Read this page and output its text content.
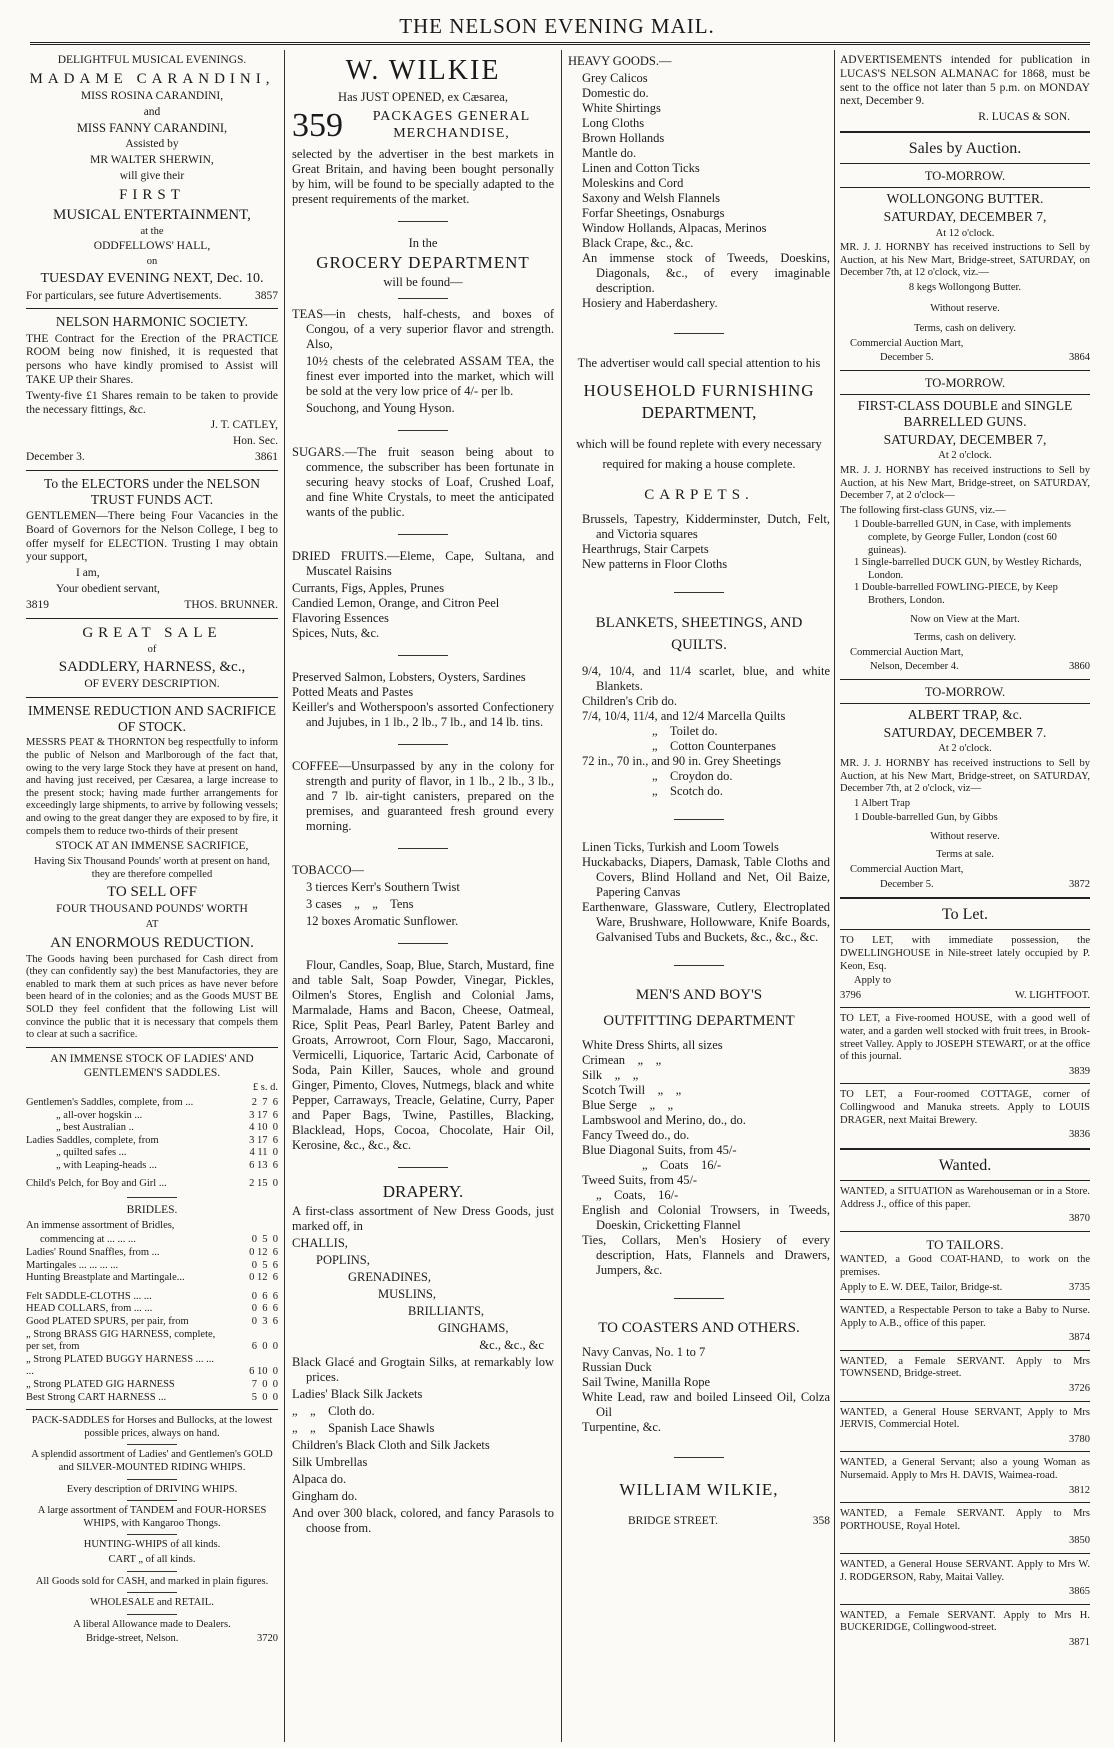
THE NELSON EVENING MAIL.

DELIGHTFUL MUSICAL EVENINGS.

MADAME CARANDINI,

MISS ROSINA CARANDINI,

and

MISS FANNY CARANDINI,

Assisted by

MR WALTER SHERWIN,

will give their

FIRST

MUSICAL ENTERTAINMENT,

at the

ODDFELLOWS' HALL,

on

TUESDAY EVENING NEXT, Dec. 10.

For particulars, see future Advertisements.	3857

NELSON HARMONIC SOCIETY.

THE Contract for the Erection of the PRACTICE ROOM being now finished, it is requested that persons who have kindly promised to Assist will TAKE UP their Shares.

Twenty-five £1 Shares remain to be taken to provide the necessary fittings, &c.

J. T. CATLEY,

Hon. Sec.

December 3.	3861

To the ELECTORS under the NELSON TRUST FUNDS ACT.

GENTLEMEN—There being Four Vacancies in the Board of Governors for the Nelson College, I beg to offer myself for ELECTION. Trusting I may obtain your support,

I am,

Your obedient servant,

3819	THOS. BRUNNER.

GREAT SALE

of

SADDLERY, HARNESS, &c.,

OF EVERY DESCRIPTION.

IMMENSE REDUCTION AND SACRIFICE OF STOCK.

MESSRS PEAT & THORNTON beg respectfully to inform the public of Nelson and Marlborough of the fact that, owing to the very large Stock they have at present on hand, and having just received, per Cæsarea, a large increase to the present stock; having made further arrangements for exceedingly large shipments, to arrive by following vessels; and owing to the great danger they are exposed to by fire, it compels them to reduce two-thirds of their present

STOCK AT AN IMMENSE SACRIFICE,

Having Six Thousand Pounds' worth at present on hand, they are therefore compelled

TO SELL OFF

FOUR THOUSAND POUNDS' WORTH

AT

AN ENORMOUS REDUCTION.

The Goods having been purchased for Cash direct from (they can confidently say) the best Manufactories, they are enabled to mark them at such prices as have never before been heard of in the colonies; and as the Goods MUST BE SOLD they feel confident that the following List will convince the public that it is necessary that compels them to clear at such a sacrifice.

AN IMMENSE STOCK OF LADIES' AND GENTLEMEN'S SADDLES.

£ s. d.

Gentlemen's Saddles, complete, from ...	2  7  6
„ all-over hogskin ...	3 17  6
„ best Australian ..	4 10  0
Ladies Saddles, complete, from	3 17  6
„ quilted safes ...	4 11  0
„ with Leaping-heads ...	6 13  6
Child's Pelch, for Boy and Girl ...	2 15  0

BRIDLES.

An immense assortment of Bridles,

commencing at ... ... ...	0  5  0
Ladies' Round Snaffles, from ...	0 12  6
Martingales ... ... ... ...	0  5  6
Hunting Breastplate and Martingale...	0 12  6
Felt SADDLE-CLOTHS ... ...	0  6  6
HEAD COLLARS, from ... ...	0  6  6
Good PLATED SPURS, per pair, from	0  3  6
„ Strong BRASS GIG HARNESS, complete, per set, from	6  0  0
„ Strong PLATED BUGGY HARNESS ... ... ...	6 10  0
„ Strong PLATED GIG HARNESS	7  0  0
Best Strong CART HARNESS ...	5  0  0

PACK-SADDLES for Horses and Bullocks, at the lowest possible prices, always on hand.

A splendid assortment of Ladies' and Gentlemen's GOLD and SILVER-MOUNTED RIDING WHIPS.

Every description of DRIVING WHIPS.

A large assortment of TANDEM and FOUR-HORSES WHIPS, with Kangaroo Thongs.

HUNTING-WHIPS of all kinds.

CART „ of all kinds.

All Goods sold for CASH, and marked in plain figures.

WHOLESALE and RETAIL.

A liberal Allowance made to Dealers.

Bridge-street, Nelson.	3720

W. WILKIE

Has JUST OPENED, ex Cæsarea,

359	PACKAGES GENERAL
MERCHANDISE,

selected by the advertiser in the best markets in Great Britain, and having been bought personally by him, will be found to be specially adapted to the present requirements of the market.

In the

GROCERY DEPARTMENT

will be found—

TEAS—in chests, half-chests, and boxes of Congou, of a very superior flavor and strength. Also,

10½ chests of the celebrated ASSAM TEA, the finest ever imported into the market, which will be sold at the very low price of 4/- per lb.

Souchong, and Young Hyson.

SUGARS.—The fruit season being about to commence, the subscriber has been fortunate in securing heavy stocks of Loaf, Crushed Loaf, and fine White Crystals, to meet the anticipated wants of the public.

DRIED FRUITS.—Eleme, Cape, Sultana, and Muscatel Raisins

Currants, Figs, Apples, Prunes

Candied Lemon, Orange, and Citron Peel

Flavoring Essences

Spices, Nuts, &c.

Preserved Salmon, Lobsters, Oysters, Sardines

Potted Meats and Pastes

Keiller's and Wotherspoon's assorted Confectionery and Jujubes, in 1 lb., 2 lb., 7 lb., and 14 lb. tins.

COFFEE—Unsurpassed by any in the colony for strength and purity of flavor, in 1 lb., 2 lb., 3 lb., and 7 lb. air-tight canisters, prepared on the premises, and guaranteed fresh ground every morning.

TOBACCO—

3 tierces Kerr's Southern Twist

3 cases    „    „    Tens

12 boxes Aromatic Sunflower.

Flour, Candles, Soap, Blue, Starch, Mustard, fine and table Salt, Soap Powder, Vinegar, Pickles, Oilmen's Stores, English and Colonial Jams, Marmalade, Hams and Bacon, Cheese, Oatmeal, Rice, Split Peas, Pearl Barley, Patent Barley and Groats, Arrowroot, Corn Flour, Sago, Maccaroni, Vermicelli, Liquorice, Tartaric Acid, Carbonate of Soda, Pain Killer, Sauces, whole and ground Ginger, Pimento, Cloves, Nutmegs, black and white Pepper, Carraways, Treacle, Gelatine, Curry, Paper and Paper Bags, Twine, Pastilles, Blacking, Blacklead, Hops, Cocoa, Chocolate, Hair Oil, Kerosine, &c., &c., &c.

DRAPERY.

A first-class assortment of New Dress Goods, just marked off, in

CHALLIS,

POPLINS,

GRENADINES,

MUSLINS,

BRILLIANTS,

GINGHAMS,

&c., &c., &c

Black Glacé and Grogtain Silks, at remarkably low prices.

Ladies' Black Silk Jackets

„    „    Cloth do.

„    „    Spanish Lace Shawls

Children's Black Cloth and Silk Jackets

Silk Umbrellas

Alpaca do.

Gingham do.

And over 300 black, colored, and fancy Parasols to choose from.

HEAVY GOODS.—

Grey Calicos

Domestic do.

White Shirtings

Long Cloths

Brown Hollands

Mantle do.

Linen and Cotton Ticks

Moleskins and Cord

Saxony and Welsh Flannels

Forfar Sheetings, Osnaburgs

Window Hollands, Alpacas, Merinos

Black Crape, &c., &c.

An immense stock of Tweeds, Doeskins, Diagonals, &c., of every imaginable description.

Hosiery and Haberdashery.

The advertiser would call special attention to his

HOUSEHOLD FURNISHING

DEPARTMENT,

which will be found replete with every necessary required for making a house complete.

CARPETS.

Brussels, Tapestry, Kidderminster, Dutch, Felt, and Victoria squares

Hearthrugs, Stair Carpets

New patterns in Floor Cloths

BLANKETS, SHEETINGS, AND QUILTS.

9/4, 10/4, and 11/4 scarlet, blue, and white Blankets.

Children's Crib do.

7/4, 10/4, 11/4, and 12/4 Marcella Quilts

„    Toilet do.

„    Cotton Counterpanes

72 in., 70 in., and 90 in. Grey Sheetings

„    Croydon do.

„    Scotch do.

Linen Ticks, Turkish and Loom Towels

Huckabacks, Diapers, Damask, Table Cloths and Covers, Blind Holland and Net, Oil Baize, Papering Canvas

Earthenware, Glassware, Cutlery, Electroplated Ware, Brushware, Hollowware, Knife Boards, Galvanised Tubs and Buckets, &c., &c., &c.

MEN'S AND BOY'S

OUTFITTING DEPARTMENT

White Dress Shirts, all sizes

Crimean    „    „

Silk    „    „

Scotch Twill    „    „

Blue Serge    „    „

Lambswool and Merino, do., do.

Fancy Tweed do., do.

Blue Diagonal Suits, from 45/-

„    Coats    16/-

Tweed Suits, from 45/-

„    Coats,    16/-

English and Colonial Trowsers, in Tweeds, Doeskin, Cricketting Flannel

Ties, Collars, Men's Hosiery of every description, Hats, Flannels and Drawers, Jumpers, &c.

TO COASTERS AND OTHERS.

Navy Canvas, No. 1 to 7

Russian Duck

Sail Twine, Manilla Rope

White Lead, raw and boiled Linseed Oil, Colza Oil

Turpentine, &c.

WILLIAM WILKIE,

BRIDGE STREET.	358

ADVERTISEMENTS intended for publication in LUCAS'S NELSON ALMANAC for 1868, must be sent to the office not later than 5 p.m. on MONDAY next, December 9.

R. LUCAS & SON.

Sales by Auction.

TO-MORROW.

WOLLONGONG BUTTER.

SATURDAY, DECEMBER 7,

At 12 o'clock.

MR. J. J. HORNBY has received instructions to Sell by Auction, at his New Mart, Bridge-street, SATURDAY, on December 7th, at 12 o'clock, viz.—

8 kegs Wollongong Butter.

Without reserve.

Terms, cash on delivery.

Commercial Auction Mart,

December 5.	3864

TO-MORROW.

FIRST-CLASS DOUBLE and SINGLE BARRELLED GUNS.

SATURDAY, DECEMBER 7,

At 2 o'clock.

MR. J. J. HORNBY has received instructions to Sell by Auction, at his New Mart, Bridge-street, on SATURDAY, December 7, at 2 o'clock—

The following first-class GUNS, viz.—

1 Double-barrelled GUN, in Case, with implements complete, by George Fuller, London (cost 60 guineas).

1 Single-barrelled DUCK GUN, by Westley Richards, London.

1 Double-barrelled FOWLING-PIECE, by Keep Brothers, London.

Now on View at the Mart.

Terms, cash on delivery.

Commercial Auction Mart,

Nelson, December 4.	3860

TO-MORROW.

ALBERT TRAP, &c.

SATURDAY, DECEMBER 7.

At 2 o'clock.

MR. J. J. HORNBY has received instructions to Sell by Auction, at his New Mart, Bridge-street, on SATURDAY, December 7th, at 2 o'clock, viz—

1 Albert Trap

1 Double-barrelled Gun, by Gibbs

Without reserve.

Terms at sale.

Commercial Auction Mart,

December 5.	3872

To Let.

TO LET, with immediate possession, the DWELLINGHOUSE in Nile-street lately occupied by P. Keon, Esq.

Apply to

3796	W. LIGHTFOOT.

TO LET, a Five-roomed HOUSE, with a good well of water, and a garden well stocked with fruit trees, in Brook-street Valley. Apply to JOSEPH STEWART, or at the office of this journal.

3839

TO LET, a Four-roomed COTTAGE, corner of Collingwood and Manuka streets. Apply to LOUIS DRAGER, next Maitai Brewery.

3836

Wanted.

WANTED, a SITUATION as Warehouseman or in a Store. Address J., office of this paper.

3870

TO TAILORS.

WANTED, a Good COAT-HAND, to work on the premises.

Apply to E. W. DEE, Tailor, Bridge-st.	3735

WANTED, a Respectable Person to take a Baby to Nurse. Apply to A.B., office of this paper.

3874

WANTED, a Female SERVANT. Apply to Mrs TOWNSEND, Bridge-street.

3726

WANTED, a General House SERVANT, Apply to Mrs JERVIS, Commercial Hotel.

3780

WANTED, a General Servant; also a young Woman as Nursemaid. Apply to Mrs H. DAVIS, Waimea-road.

3812

WANTED, a Female SERVANT. Apply to Mrs PORTHOUSE, Royal Hotel.

3850

WANTED, a General House SERVANT. Apply to Mrs W. J. RODGERSON, Raby, Maitai Valley.

3865

WANTED, a Female SERVANT. Apply to Mrs H. BUCKERIDGE, Collingwood-street.

3871
